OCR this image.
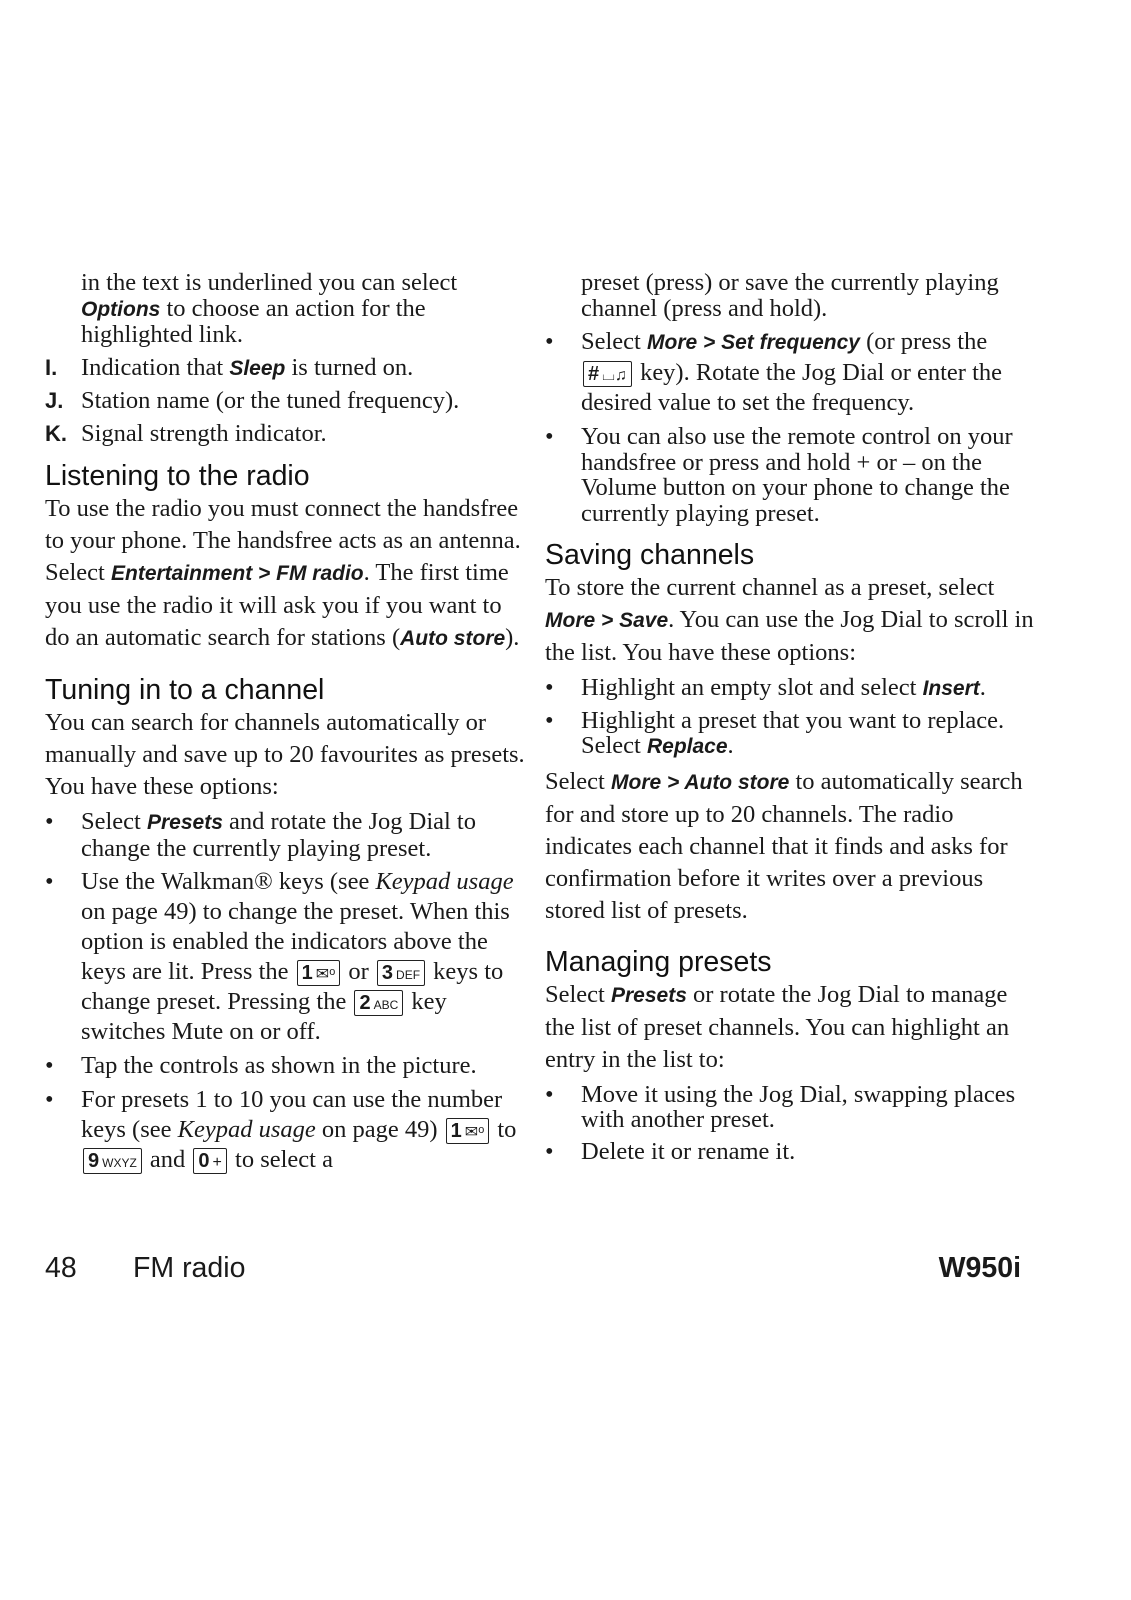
in the text is underlined you can select Options to choose an action for the highlighted link.

I. Indication that Sleep is turned on.

J. Station name (or the tuned frequency).

K. Signal strength indicator.

Listening to the radio

To use the radio you must connect the handsfree to your phone. The handsfree acts as an antenna. Select Entertainment > FM radio. The first time you use the radio it will ask you if you want to do an automatic search for stations (Auto store).

Tuning in to a channel

You can search for channels automatically or manually and save up to 20 favourites as presets. You have these options:

•	Select Presets and rotate the Jog Dial to change the currently playing preset.
•	Use the Walkman® keys (see Keypad usage on page 49) to change the preset. When this option is enabled the indicators above the keys are lit. Press the 1 ✉ᵒ or 3 DEF keys to change preset. Pressing the 2 ABC key switches Mute on or off.
•	Tap the controls as shown in the picture.
•	For presets 1 to 10 you can use the number keys (see Keypad usage on page 49) 1 ✉ᵒ to 9 WXYZ and 0 + to select a

preset (press) or save the currently playing channel (press and hold).

•	Select More > Set frequency (or press the # ⌴♫ key). Rotate the Jog Dial or enter the desired value to set the frequency.
•	You can also use the remote control on your handsfree or press and hold + or – on the Volume button on your phone to change the currently playing preset.
Saving channels

To store the current channel as a preset, select More > Save. You can use the Jog Dial to scroll in the list. You have these options:

•	Highlight an empty slot and select Insert.
•	Highlight a preset that you want to replace. Select Replace.

Select More > Auto store to automatically search for and store up to 20 channels. The radio indicates each channel that it finds and asks for confirmation before it writes over a previous stored list of presets.

Managing presets

Select Presets or rotate the Jog Dial to manage the list of preset channels. You can highlight an entry in the list to:

•	Move it using the Jog Dial, swapping places with another preset.
•	Delete it or rename it.
48 FM radio	W950i
